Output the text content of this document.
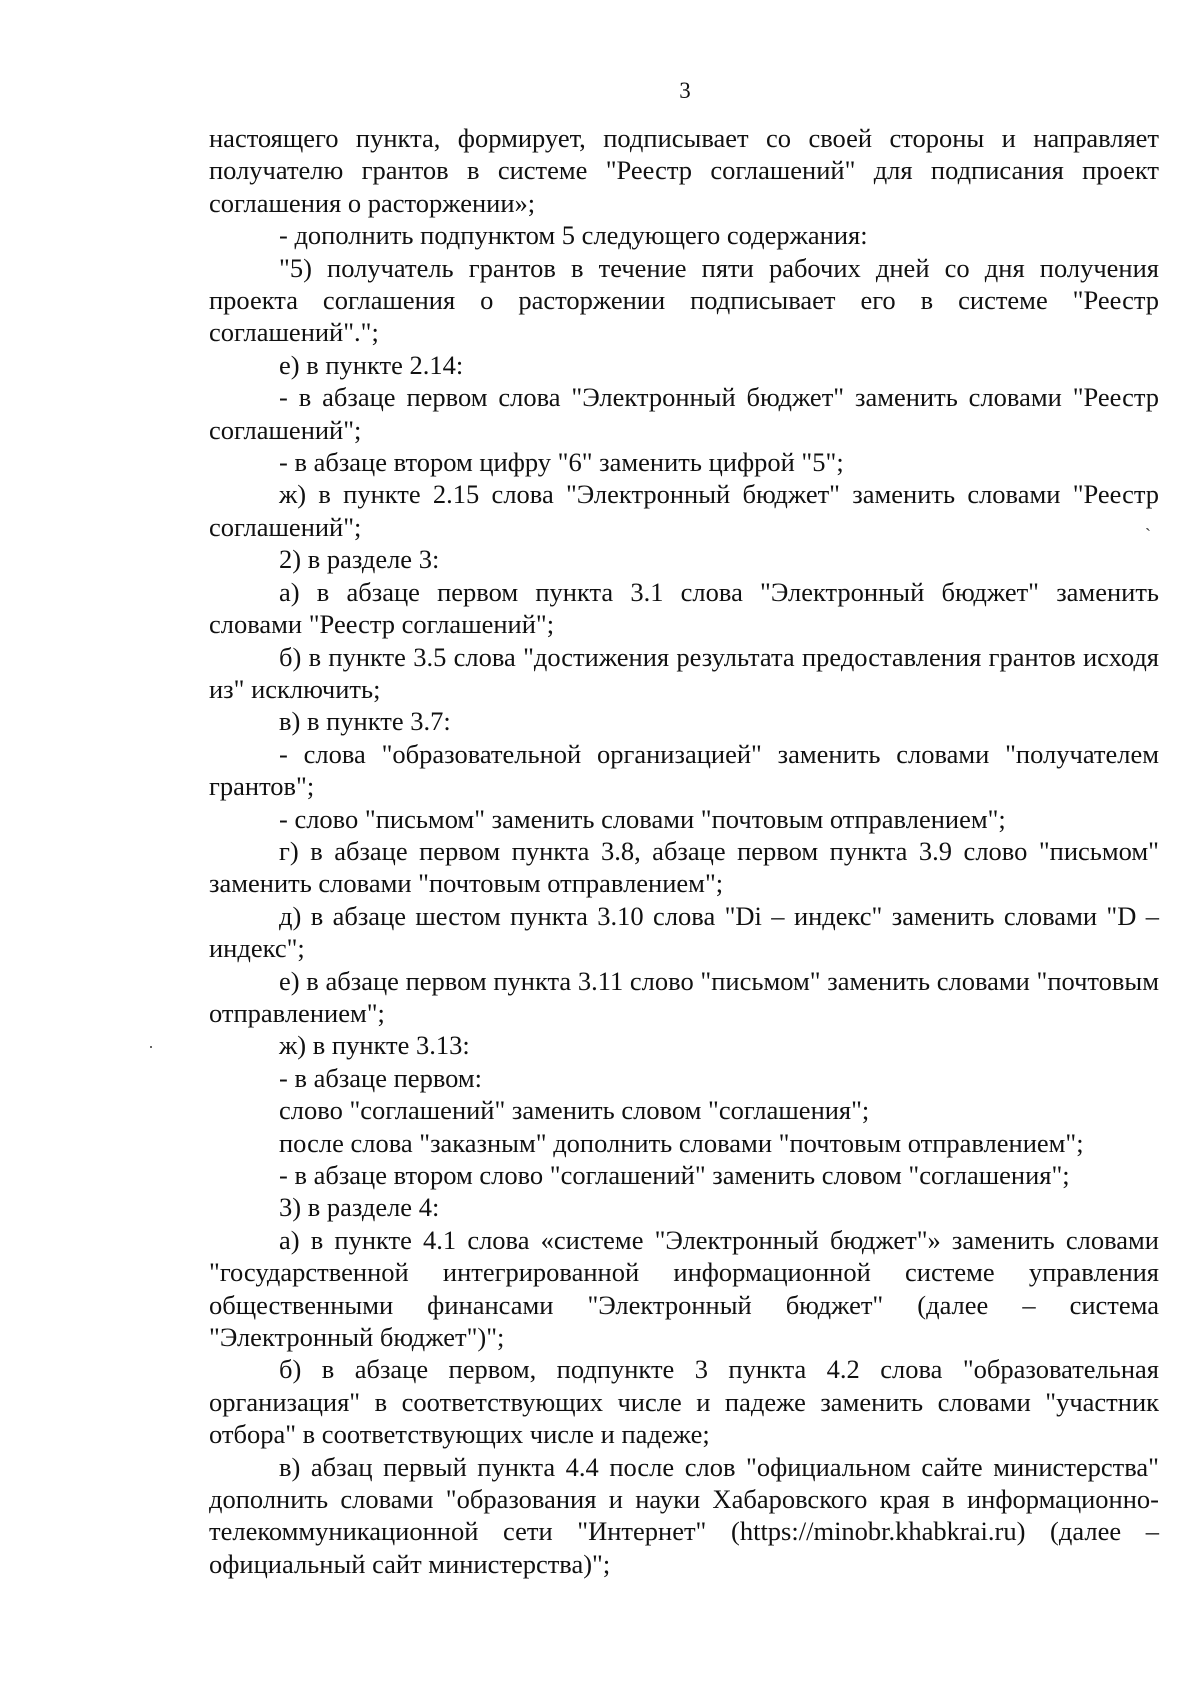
3

настоящего пункта, формирует, подписывает со своей стороны и направляет получателю грантов в системе "Реестр соглашений" для подписания проект соглашения о расторжении»;

- дополнить подпунктом 5 следующего содержания:

"5) получатель грантов в течение пяти рабочих дней со дня получения проекта соглашения о расторжении подписывает его в системе "Реестр соглашений".";

е) в пункте 2.14:

- в абзаце первом слова "Электронный бюджет" заменить словами "Реестр соглашений";

- в абзаце втором цифру "6" заменить цифрой "5";

ж) в пункте 2.15 слова "Электронный бюджет" заменить словами "Реестр соглашений";

2) в разделе 3:

а) в абзаце первом пункта 3.1 слова "Электронный бюджет" заменить словами "Реестр соглашений";

б) в пункте 3.5 слова "достижения результата предоставления грантов исходя из" исключить;

в) в пункте 3.7:

- слова "образовательной организацией" заменить словами "получателем грантов";

- слово "письмом" заменить словами "почтовым отправлением";

г) в абзаце первом пункта 3.8, абзаце первом пункта 3.9 слово "письмом" заменить словами "почтовым отправлением";

д) в абзаце шестом пункта 3.10 слова "Di – индекс" заменить словами "D – индекс";

е) в абзаце первом пункта 3.11 слово "письмом" заменить словами "почтовым отправлением";

ж) в пункте 3.13:

- в абзаце первом:

слово "соглашений" заменить словом "соглашения";

после слова "заказным" дополнить словами "почтовым отправлением";

- в абзаце втором слово "соглашений" заменить словом "соглашения";

3) в разделе 4:

а) в пункте 4.1 слова «системе "Электронный бюджет"» заменить словами "государственной интегрированной информационной системе управления общественными финансами "Электронный бюджет" (далее – система "Электронный бюджет")";

б) в абзаце первом, подпункте 3 пункта 4.2 слова "образовательная организация" в соответствующих числе и падеже заменить словами "участник отбора" в соответствующих числе и падеже;

в) абзац первый пункта 4.4 после слов "официальном сайте министерства" дополнить словами "образования и науки Хабаровского края в информационно-телекоммуникационной сети "Интернет" (https://minobr.khabkrai.ru) (далее – официальный сайт министерства)";

`
